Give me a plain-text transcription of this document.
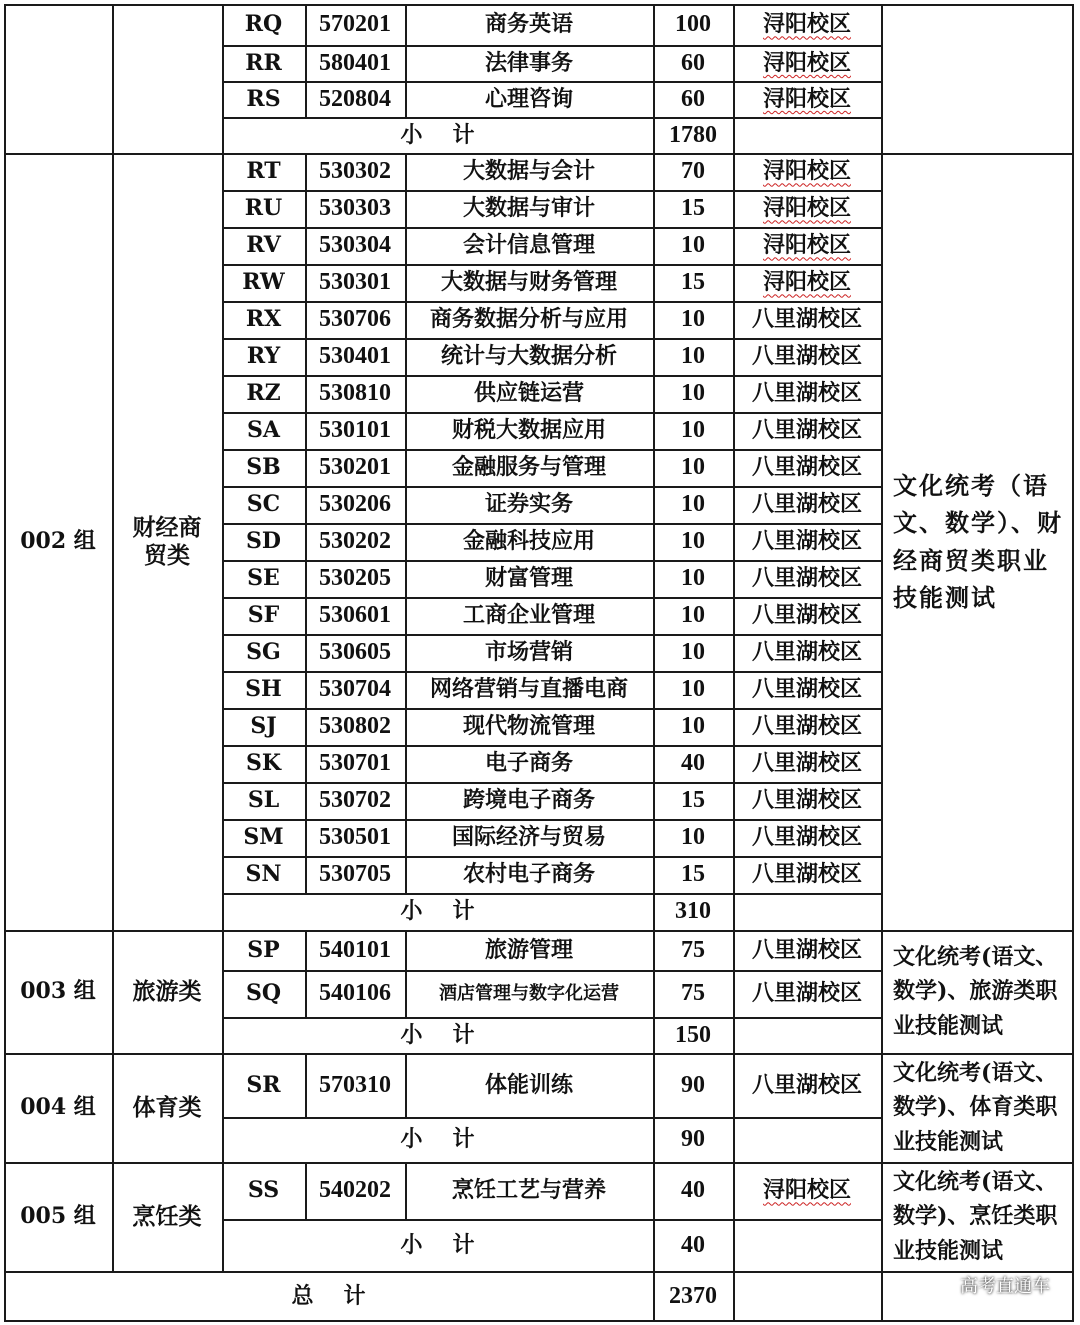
RQ 570201	商务英语	100 浔阳校区
RR 580401	法律事务	60	浔阳校区
RS 520804	心理咨询	60	浔阳校区
小计	1780
002 组
财经商贸类
文化统考（语文、数学）、财经商贸类职业技能测试
RT 530302	大数据与会计	70	浔阳校区
RU 530303	大数据与审计	15	浔阳校区
RV 530304	会计信息管理	10	浔阳校区
RW 530301 大数据与财务管理	15	浔阳校区
RX 530706 商务数据分析与应用 10 八里湖校区
RY 530401 统计与大数据分析	10 八里湖校区
RZ 530810	供应链运营	10 八里湖校区
SA 530101	财税大数据应用	10 八里湖校区
SB 530201	金融服务与管理	10 八里湖校区
SC 530206	证券实务	10 八里湖校区
SD 530202	金融科技应用	10 八里湖校区
SE 530205	财富管理	10 八里湖校区
SF 530601	工商企业管理	10 八里湖校区
SG 530605	市场营销	10 八里湖校区
SH 530704 网络营销与直播电商 10 八里湖校区
SJ 530802	现代物流管理	10 八里湖校区
SK 530701	电子商务	40 八里湖校区
SL 530702	跨境电子商务	15 八里湖校区
SM 530501	国际经济与贸易	10 八里湖校区
SN 530705	农村电子商务	15 八里湖校区
小计	310
003 组 旅游类
文化统考(语文、数学)、旅游类职业技能测试
SP 540101	旅游管理	75 八里湖校区
SQ 540106	酒店管理与数字化运营	75 八里湖校区
小计	150
004 组 体育类
文化统考(语文、数学)、体育类职业技能测试
SR 570310	体能训练	90 八里湖校区
小计	90
005 组 烹饪类
文化统考(语文、数学)、烹饪类职业技能测试
SS 540202	烹饪工艺与营养	40	浔阳校区
小计	40
总计	2370	高考直通车
